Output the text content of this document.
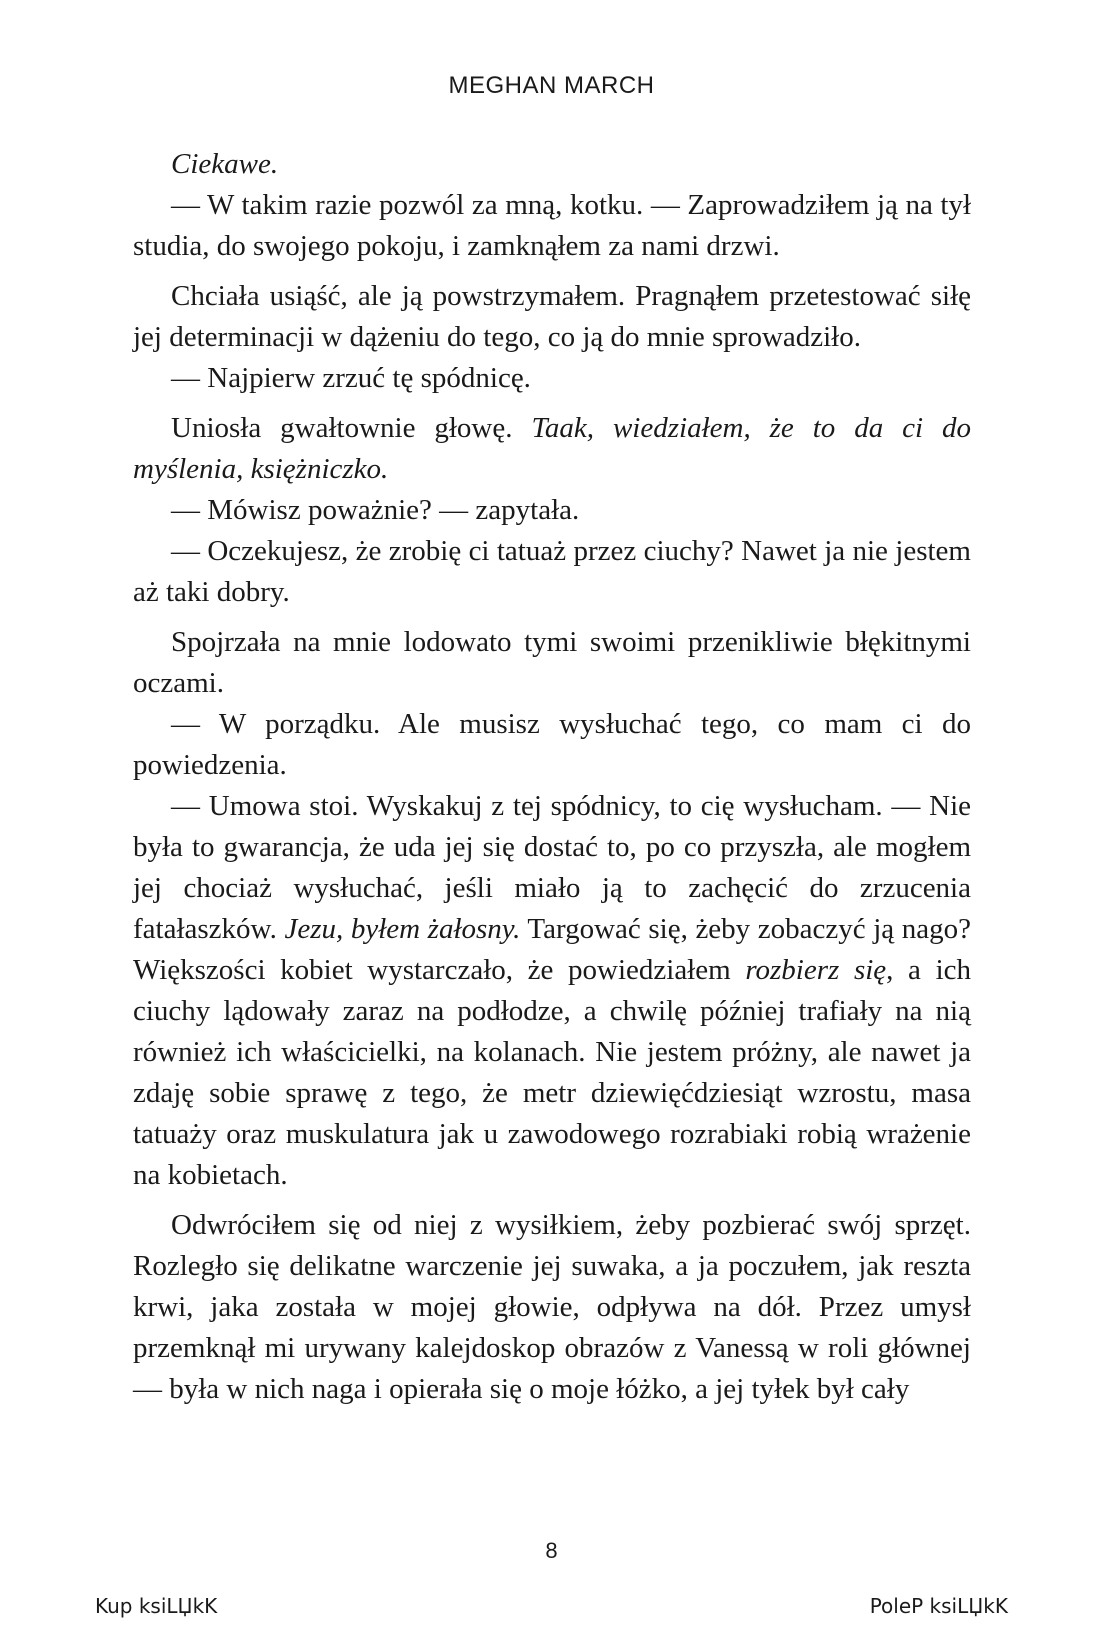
MEGHAN MARCH

Ciekawe.

— W takim razie pozwól za mną, kotku. — Zaprowadziłem ją na tył studia, do swojego pokoju, i zamknąłem za nami drzwi.

Chciała usiąść, ale ją powstrzymałem. Pragnąłem przetestować siłę jej determinacji w dążeniu do tego, co ją do mnie sprowadziło.

— Najpierw zrzuć tę spódnicę.

Uniosła gwałtownie głowę. Taak, wiedziałem, że to da ci do myślenia, księżniczko.

— Mówisz poważnie? — zapytała.

— Oczekujesz, że zrobię ci tatuaż przez ciuchy? Nawet ja nie jestem aż taki dobry.

Spojrzała na mnie lodowato tymi swoimi przenikliwie błękitnymi oczami.

— W porządku. Ale musisz wysłuchać tego, co mam ci do powiedzenia.

— Umowa stoi. Wyskakuj z tej spódnicy, to cię wysłucham. — Nie była to gwarancja, że uda jej się dostać to, po co przyszła, ale mogłem jej chociaż wysłuchać, jeśli miało ją to zachęcić do zrzucenia fatałaszków. Jezu, byłem żałosny. Targować się, żeby zobaczyć ją nago? Większości kobiet wystarczało, że powiedziałem rozbierz się, a ich ciuchy lądowały zaraz na podłodze, a chwilę później trafiały na nią również ich właścicielki, na kolanach. Nie jestem próżny, ale nawet ja zdaję sobie sprawę z tego, że metr dziewięćdziesiąt wzrostu, masa tatuaży oraz muskulatura jak u zawodowego rozrabiaki robią wrażenie na kobietach.

Odwróciłem się od niej z wysiłkiem, żeby pozbierać swój sprzęt. Rozległo się delikatne warczenie jej suwaka, a ja poczułem, jak reszta krwi, jaka została w mojej głowie, odpływa na dół. Przez umysł przemknął mi urywany kalejdoskop obrazów z Vanessą w roli głównej — była w nich naga i opierała się o moje łóżko, a jej tyłek był cały

8
Kup ksiLЏkK	PoleP ksiLЏkK
